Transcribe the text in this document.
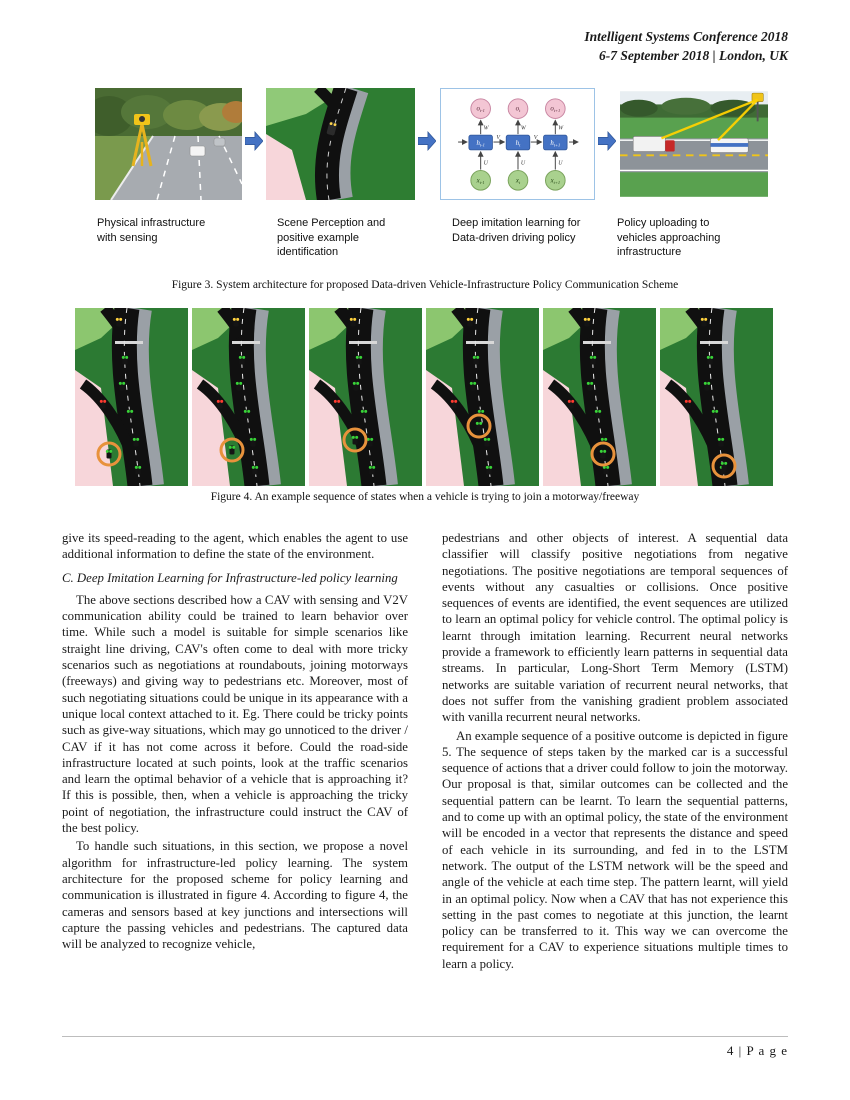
Intelligent Systems Conference 2018
6-7 September 2018 | London, UK
U
W
V
$o_{t-1}$
$h_{t-1}$
$x_{t-1}$
U
W
V
$o_t$
$h_t$
$x_t$
U
W
$o_{t+1}$
$h_{t+1}$
$x_{t+1}$
Physical infrastructure with sensing
Scene Perception and positive example identification
Deep imitation learning for Data-driven driving policy
Policy uploading to vehicles approaching infrastructure
Figure 3. System architecture for proposed Data-driven Vehicle-Infrastructure Policy Communication Scheme
Figure 4. An example sequence of states when a vehicle is trying to join a motorway/freeway

give its speed-reading to the agent, which enables the agent to use additional information to define the state of the environment.

C. Deep Imitation Learning for Infrastructure-led policy learning

The above sections described how a CAV with sensing and V2V communication ability could be trained to learn behavior over time. While such a model is suitable for simple scenarios like straight line driving, CAV's often come to deal with more tricky scenarios such as negotiations at roundabouts, joining motorways (freeways) and giving way to pedestrians etc. Moreover, most of such negotiating situations could be unique in its appearance with a unique local context attached to it. Eg. There could be tricky points such as give-way situations, which may go unnoticed to the driver / CAV if it has not come across it before. Could the road-side infrastructure located at such points, look at the traffic scenarios and learn the optimal behavior of a vehicle that is approaching it? If this is possible, then, when a vehicle is approaching the tricky point of negotiation, the infrastructure could instruct the CAV of the best policy.

To handle such situations, in this section, we propose a novel algorithm for infrastructure-led policy learning. The system architecture for the proposed scheme for policy learning and communication is illustrated in figure 4. According to figure 4, the cameras and sensors based at key junctions and intersections will capture the passing vehicles and pedestrians. The captured data will be analyzed to recognize vehicle,

pedestrians and other objects of interest. A sequential data classifier will classify positive negotiations from negative negotiations. The positive negotiations are temporal sequences of events without any casualties or collisions. Once positive sequences of events are identified, the event sequences are utilized to learn an optimal policy for vehicle control. The optimal policy is learnt through imitation learning. Recurrent neural networks provide a framework to efficiently learn patterns in sequential data streams. In particular, Long-Short Term Memory (LSTM) networks are suitable variation of recurrent neural networks, that does not suffer from the vanishing gradient problem associated with vanilla recurrent neural networks.

An example sequence of a positive outcome is depicted in figure 5. The sequence of steps taken by the marked car is a successful sequence of actions that a driver could follow to join the motorway. Our proposal is that, similar outcomes can be collected and the sequential pattern can be learnt. To learn the sequential patterns, and to come up with an optimal policy, the state of the environment will be encoded in a vector that represents the distance and speed of each vehicle in its surrounding, and fed in to the LSTM network. The output of the LSTM network will be the speed and angle of the vehicle at each time step. The pattern learnt, will yield in an optimal policy. Now when a CAV that has not experience this setting in the past comes to negotiate at this junction, the learnt policy can be transferred to it. This way we can overcome the requirement for a CAV to experience situations multiple times to learn a policy.

4 | P a g e
